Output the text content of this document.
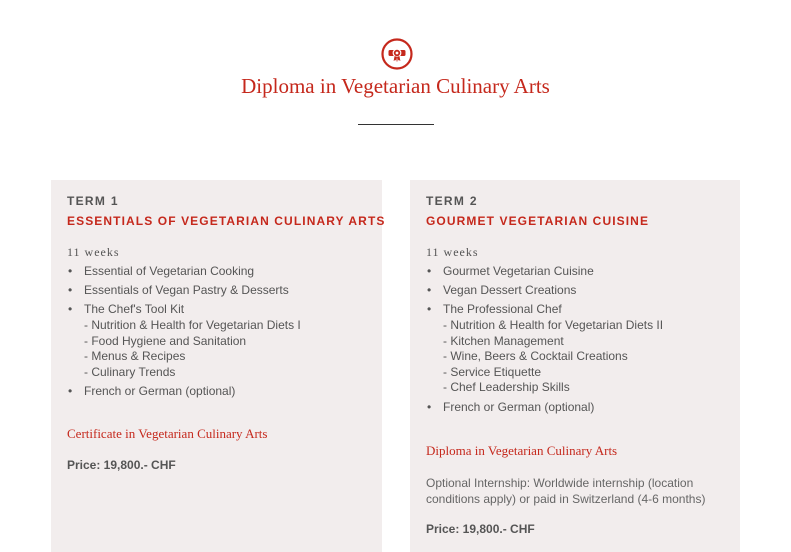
Diploma in Vegetarian Culinary Arts
TERM 1
ESSENTIALS OF VEGETARIAN CULINARY ARTS
11 weeks
• Essential of Vegetarian Cooking
• Essentials of Vegan Pastry & Desserts
• The Chef's Tool Kit
- Nutrition & Health for Vegetarian Diets I
- Food Hygiene and Sanitation
- Menus & Recipes
- Culinary Trends
• French or German (optional)
Certificate in Vegetarian Culinary Arts
Price: 19,800.- CHF
TERM 2
GOURMET VEGETARIAN CUISINE
11 weeks
• Gourmet Vegetarian Cuisine
• Vegan Dessert Creations
• The Professional Chef
- Nutrition & Health for Vegetarian Diets II
- Kitchen Management
- Wine, Beers & Cocktail Creations
- Service Etiquette
- Chef Leadership Skills
• French or German (optional)
Diploma in Vegetarian Culinary Arts
Optional Internship: Worldwide internship (location conditions apply) or paid in Switzerland (4-6 months)
Price: 19,800.- CHF
